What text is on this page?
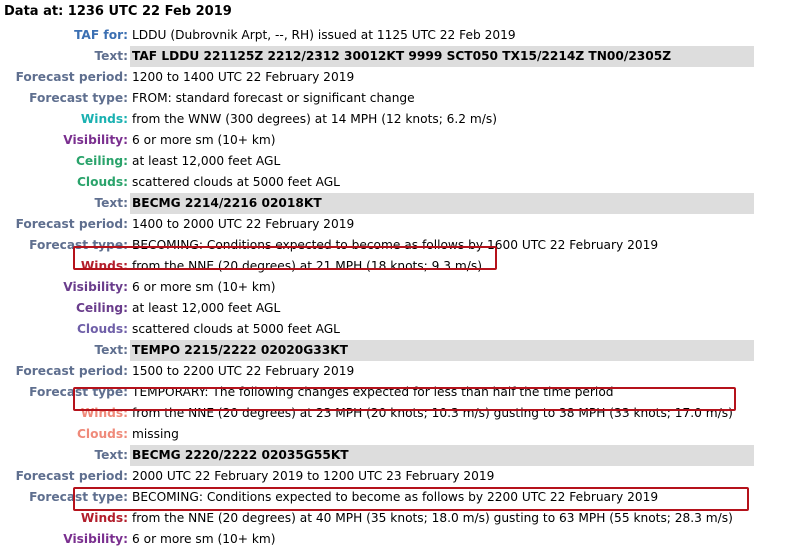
Data at: 1236 UTC 22 Feb 2019
TAF for: LDDU (Dubrovnik Arpt, --, RH) issued at 1125 UTC 22 Feb 2019
Text: TAF LDDU 221125Z 2212/2312 30012KT 9999 SCT050 TX15/2214Z TN00/2305Z
Forecast period: 1200 to 1400 UTC 22 February 2019
Forecast type: FROM: standard forecast or significant change
Winds: from the WNW (300 degrees) at 14 MPH (12 knots; 6.2 m/s)
Visibility: 6 or more sm (10+ km)
Ceiling: at least 12,000 feet AGL
Clouds: scattered clouds at 5000 feet AGL
Text: BECMG 2214/2216 02018KT
Forecast period: 1400 to 2000 UTC 22 February 2019
Forecast type: BECOMING: Conditions expected to become as follows by 1600 UTC 22 February 2019
Winds: from the NNE (20 degrees) at 21 MPH (18 knots; 9.3 m/s)
Visibility: 6 or more sm (10+ km)
Ceiling: at least 12,000 feet AGL
Clouds: scattered clouds at 5000 feet AGL
Text: TEMPO 2215/2222 02020G33KT
Forecast period: 1500 to 2200 UTC 22 February 2019
Forecast type: TEMPORARY: The following changes expected for less than half the time period
Winds: from the NNE (20 degrees) at 23 MPH (20 knots; 10.3 m/s) gusting to 38 MPH (33 knots; 17.0 m/s)
Clouds: missing
Text: BECMG 2220/2222 02035G55KT
Forecast period: 2000 UTC 22 February 2019 to 1200 UTC 23 February 2019
Forecast type: BECOMING: Conditions expected to become as follows by 2200 UTC 22 February 2019
Winds: from the NNE (20 degrees) at 40 MPH (35 knots; 18.0 m/s) gusting to 63 MPH (55 knots; 28.3 m/s)
Visibility: 6 or more sm (10+ km)
